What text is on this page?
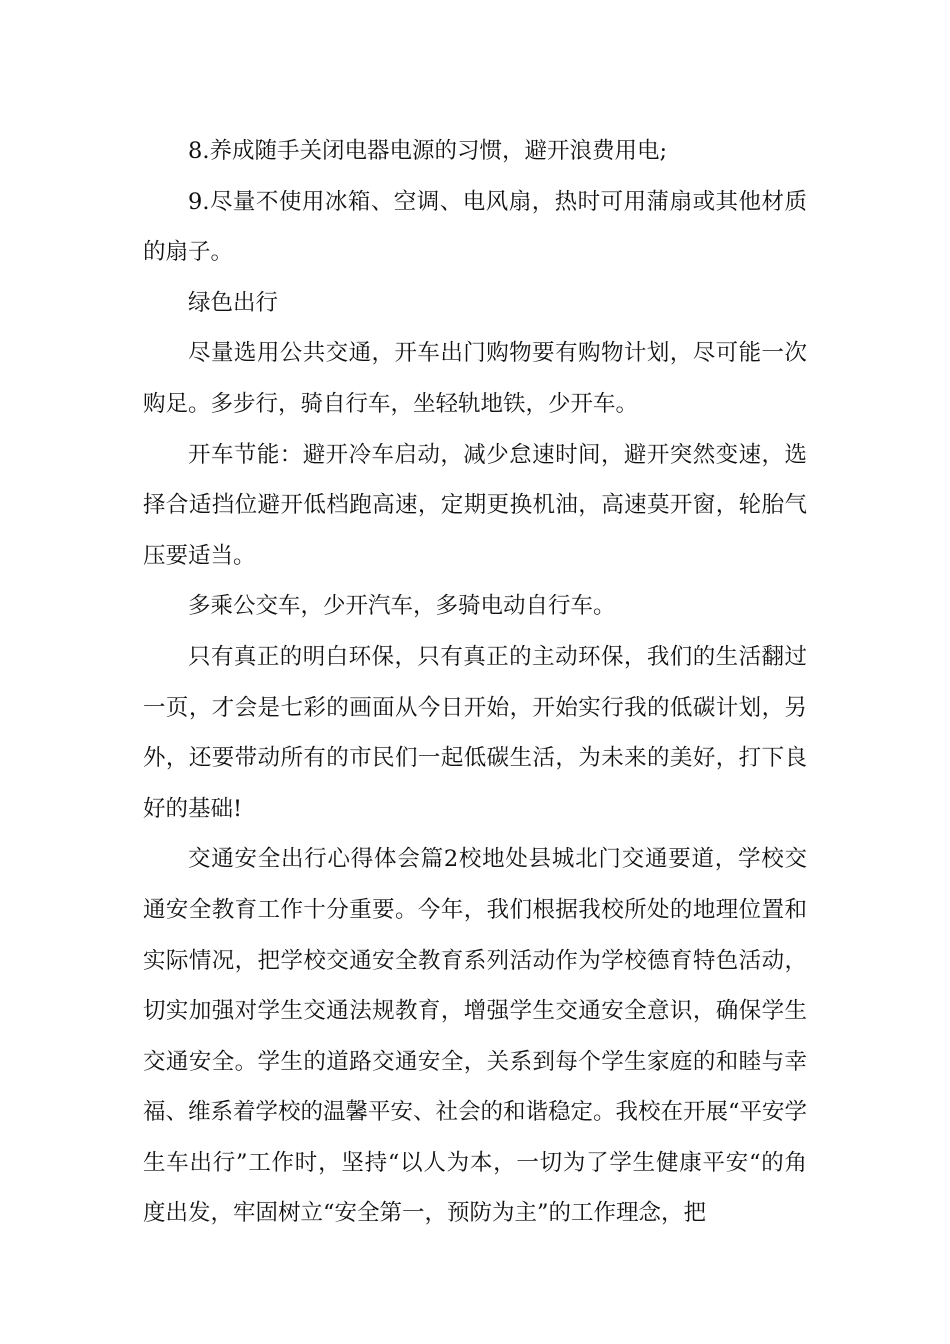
8.养成随手关闭电器电源的习惯，避开浪费用电;

9.尽量不使用冰箱、空调、电风扇，热时可用蒲扇或其他材质的扇子。

绿色出行

尽量选用公共交通，开车出门购物要有购物计划，尽可能一次购足。多步行，骑自行车，坐轻轨地铁，少开车。

开车节能：避开冷车启动，减少怠速时间，避开突然变速，选择合适挡位避开低档跑高速，定期更换机油，高速莫开窗，轮胎气压要适当。

多乘公交车，少开汽车，多骑电动自行车。

只有真正的明白环保，只有真正的主动环保，我们的生活翻过一页，才会是七彩的画面从今日开始，开始实行我的低碳计划，另外，还要带动所有的市民们一起低碳生活，为未来的美好，打下良好的基础!

交通安全出行心得体会篇2校地处县城北门交通要道，学校交通安全教育工作十分重要。今年，我们根据我校所处的地理位置和实际情况，把学校交通安全教育系列活动作为学校德育特色活动，切实加强对学生交通法规教育，增强学生交通安全意识，确保学生交通安全。学生的道路交通安全，关系到每个学生家庭的和睦与幸福、维系着学校的温馨平安、社会的和谐稳定。我校在开展“平安学生车出行”工作时，坚持“以人为本，一切为了学生健康平安“的角度出发，牢固树立“安全第一，预防为主”的工作理念，把
